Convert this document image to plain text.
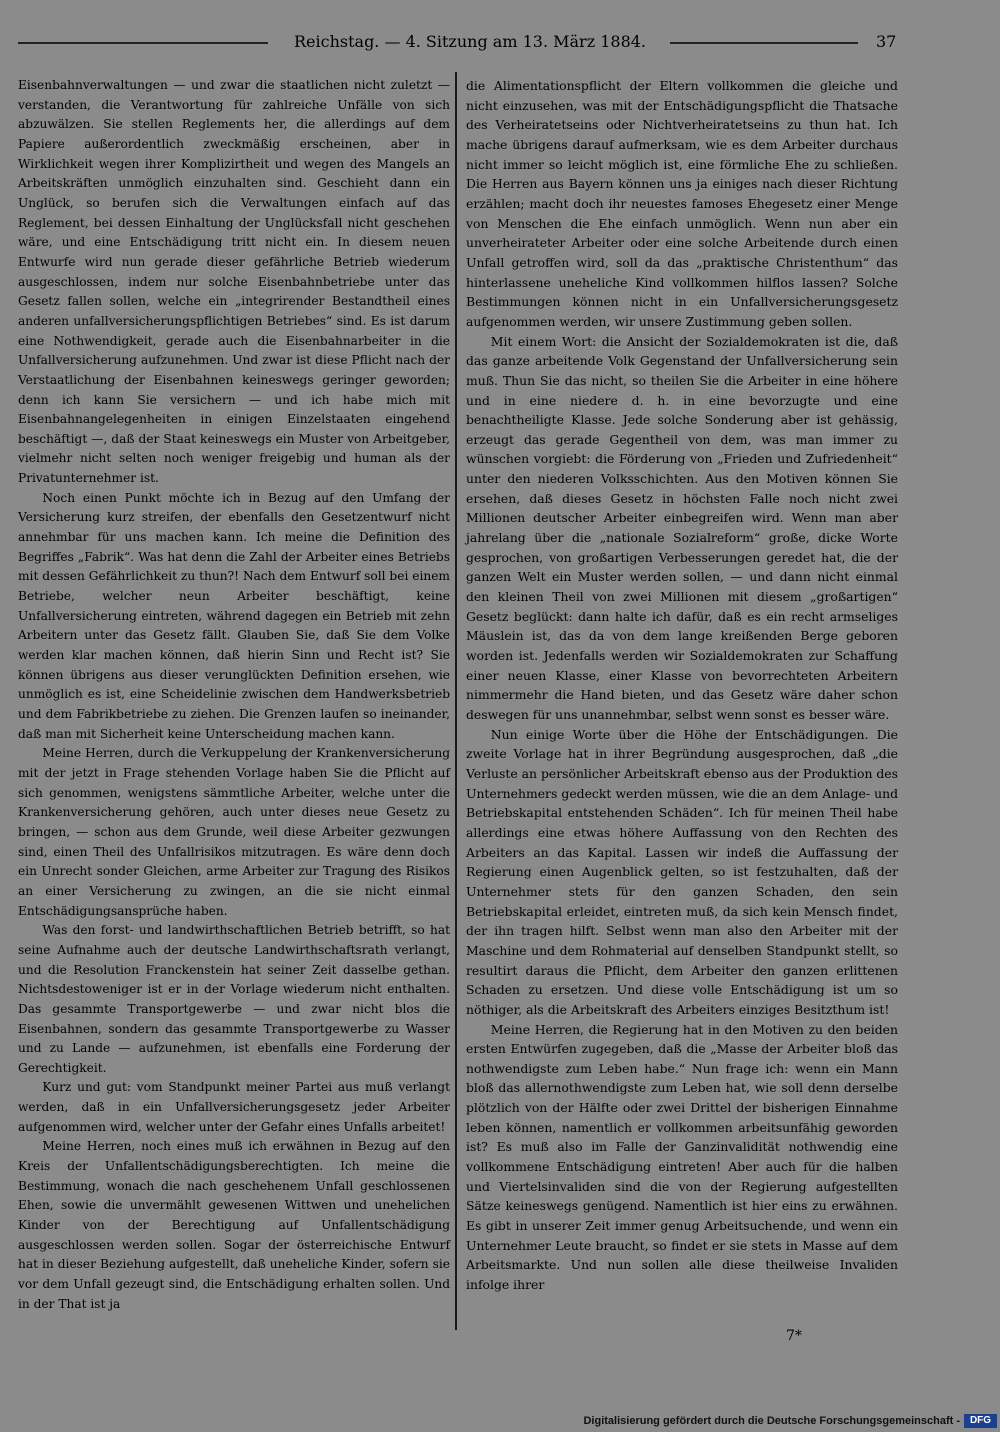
Reichstag. — 4. Sitzung am 13. März 1884.	37

Eisenbahnverwaltungen — und zwar die staatlichen nicht zuletzt — verstanden, die Verantwortung für zahlreiche Unfälle von sich abzuwälzen. Sie stellen Reglements her, die allerdings auf dem Papiere außerordentlich zweckmäßig erscheinen, aber in Wirklichkeit wegen ihrer Komplizirtheit und wegen des Mangels an Arbeitskräften unmöglich einzuhalten sind. Geschieht dann ein Unglück, so berufen sich die Verwaltungen einfach auf das Reglement, bei dessen Einhaltung der Unglücksfall nicht geschehen wäre, und eine Entschädigung tritt nicht ein. In diesem neuen Entwurfe wird nun gerade dieser gefährliche Betrieb wiederum ausgeschlossen, indem nur solche Eisenbahnbetriebe unter das Gesetz fallen sollen, welche ein „integrirender Bestandtheil eines anderen unfallversicherungspflichtigen Betriebes“ sind. Es ist darum eine Nothwendigkeit, gerade auch die Eisenbahnarbeiter in die Unfallversicherung aufzunehmen. Und zwar ist diese Pflicht nach der Verstaatlichung der Eisenbahnen keineswegs geringer geworden; denn ich kann Sie versichern — und ich habe mich mit Eisenbahnangelegenheiten in einigen Einzelstaaten eingehend beschäftigt —, daß der Staat keineswegs ein Muster von Arbeitgeber, vielmehr nicht selten noch weniger freigebig und human als der Privatunternehmer ist.

Noch einen Punkt möchte ich in Bezug auf den Umfang der Versicherung kurz streifen, der ebenfalls den Gesetzentwurf nicht annehmbar für uns machen kann. Ich meine die Definition des Begriffes „Fabrik“. Was hat denn die Zahl der Arbeiter eines Betriebs mit dessen Gefährlichkeit zu thun?! Nach dem Entwurf soll bei einem Betriebe, welcher neun Arbeiter beschäftigt, keine Unfallversicherung eintreten, während dagegen ein Betrieb mit zehn Arbeitern unter das Gesetz fällt. Glauben Sie, daß Sie dem Volke werden klar machen können, daß hierin Sinn und Recht ist? Sie können übrigens aus dieser verunglückten Definition ersehen, wie unmöglich es ist, eine Scheidelinie zwischen dem Handwerksbetrieb und dem Fabrikbetriebe zu ziehen. Die Grenzen laufen so ineinander, daß man mit Sicherheit keine Unterscheidung machen kann.

Meine Herren, durch die Verkuppelung der Krankenversicherung mit der jetzt in Frage stehenden Vorlage haben Sie die Pflicht auf sich genommen, wenigstens sämmtliche Arbeiter, welche unter die Krankenversicherung gehören, auch unter dieses neue Gesetz zu bringen, — schon aus dem Grunde, weil diese Arbeiter gezwungen sind, einen Theil des Unfallrisikos mitzutragen. Es wäre denn doch ein Unrecht sonder Gleichen, arme Arbeiter zur Tragung des Risikos an einer Versicherung zu zwingen, an die sie nicht einmal Entschädigungsansprüche haben.

Was den forst- und landwirthschaftlichen Betrieb betrifft, so hat seine Aufnahme auch der deutsche Landwirthschaftsrath verlangt, und die Resolution Franckenstein hat seiner Zeit dasselbe gethan. Nichtsdestoweniger ist er in der Vorlage wiederum nicht enthalten. Das gesammte Transportgewerbe — und zwar nicht blos die Eisenbahnen, sondern das gesammte Transportgewerbe zu Wasser und zu Lande — aufzunehmen, ist ebenfalls eine Forderung der Gerechtigkeit.

Kurz und gut: vom Standpunkt meiner Partei aus muß verlangt werden, daß in ein Unfallversicherungsgesetz jeder Arbeiter aufgenommen wird, welcher unter der Gefahr eines Unfalls arbeitet!

Meine Herren, noch eines muß ich erwähnen in Bezug auf den Kreis der Unfallentschädigungsberechtigten. Ich meine die Bestimmung, wonach die nach geschehenem Unfall geschlossenen Ehen, sowie die unvermählt gewesenen Wittwen und unehelichen Kinder von der Berechtigung auf Unfallentschädigung ausgeschlossen werden sollen. Sogar der österreichische Entwurf hat in dieser Beziehung aufgestellt, daß uneheliche Kinder, sofern sie vor dem Unfall gezeugt sind, die Entschädigung erhalten sollen. Und in der That ist ja

die Alimentationspflicht der Eltern vollkommen die gleiche und nicht einzusehen, was mit der Entschädigungspflicht die Thatsache des Verheiratetseins oder Nichtverheiratetseins zu thun hat. Ich mache übrigens darauf aufmerksam, wie es dem Arbeiter durchaus nicht immer so leicht möglich ist, eine förmliche Ehe zu schließen. Die Herren aus Bayern können uns ja einiges nach dieser Richtung erzählen; macht doch ihr neuestes famoses Ehegesetz einer Menge von Menschen die Ehe einfach unmöglich. Wenn nun aber ein unverheirateter Arbeiter oder eine solche Arbeitende durch einen Unfall getroffen wird, soll da das „praktische Christenthum“ das hinterlassene uneheliche Kind vollkommen hilflos lassen? Solche Bestimmungen können nicht in ein Unfallversicherungsgesetz aufgenommen werden, wir unsere Zustimmung geben sollen.

Mit einem Wort: die Ansicht der Sozialdemokraten ist die, daß das ganze arbeitende Volk Gegenstand der Unfallversicherung sein muß. Thun Sie das nicht, so theilen Sie die Arbeiter in eine höhere und in eine niedere d. h. in eine bevorzugte und eine benachtheiligte Klasse. Jede solche Sonderung aber ist gehässig, erzeugt das gerade Gegentheil von dem, was man immer zu wünschen vorgiebt: die Förderung von „Frieden und Zufriedenheit“ unter den niederen Volksschichten. Aus den Motiven können Sie ersehen, daß dieses Gesetz in höchsten Falle noch nicht zwei Millionen deutscher Arbeiter einbegreifen wird. Wenn man aber jahrelang über die „nationale Sozialreform“ große, dicke Worte gesprochen, von großartigen Verbesserungen geredet hat, die der ganzen Welt ein Muster werden sollen, — und dann nicht einmal den kleinen Theil von zwei Millionen mit diesem „großartigen“ Gesetz beglückt: dann halte ich dafür, daß es ein recht armseliges Mäuslein ist, das da von dem lange kreißenden Berge geboren worden ist. Jedenfalls werden wir Sozialdemokraten zur Schaffung einer neuen Klasse, einer Klasse von bevorrechteten Arbeitern nimmermehr die Hand bieten, und das Gesetz wäre daher schon deswegen für uns unannehmbar, selbst wenn sonst es besser wäre.

Nun einige Worte über die Höhe der Entschädigungen. Die zweite Vorlage hat in ihrer Begründung ausgesprochen, daß „die Verluste an persönlicher Arbeitskraft ebenso aus der Produktion des Unternehmers gedeckt werden müssen, wie die an dem Anlage- und Betriebskapital entstehenden Schäden“. Ich für meinen Theil habe allerdings eine etwas höhere Auffassung von den Rechten des Arbeiters an das Kapital. Lassen wir indeß die Auffassung der Regierung einen Augenblick gelten, so ist festzuhalten, daß der Unternehmer stets für den ganzen Schaden, den sein Betriebskapital erleidet, eintreten muß, da sich kein Mensch findet, der ihn tragen hilft. Selbst wenn man also den Arbeiter mit der Maschine und dem Rohmaterial auf denselben Standpunkt stellt, so resultirt daraus die Pflicht, dem Arbeiter den ganzen erlittenen Schaden zu ersetzen. Und diese volle Entschädigung ist um so nöthiger, als die Arbeitskraft des Arbeiters einziges Besitzthum ist!

Meine Herren, die Regierung hat in den Motiven zu den beiden ersten Entwürfen zugegeben, daß die „Masse der Arbeiter bloß das nothwendigste zum Leben habe.“ Nun frage ich: wenn ein Mann bloß das allernothwendigste zum Leben hat, wie soll denn derselbe plötzlich von der Hälfte oder zwei Drittel der bisherigen Einnahme leben können, namentlich er vollkommen arbeitsunfähig geworden ist? Es muß also im Falle der Ganzinvalidität nothwendig eine vollkommene Entschädigung eintreten! Aber auch für die halben und Viertelsinvaliden sind die von der Regierung aufgestellten Sätze keineswegs genügend. Namentlich ist hier eins zu erwähnen. Es gibt in unserer Zeit immer genug Arbeitsuchende, und wenn ein Unternehmer Leute braucht, so findet er sie stets in Masse auf dem Arbeitsmarkte. Und nun sollen alle diese theilweise Invaliden infolge ihrer

7*
Digitalisierung gefördert durch die Deutsche Forschungsgemeinschaft - DFG
